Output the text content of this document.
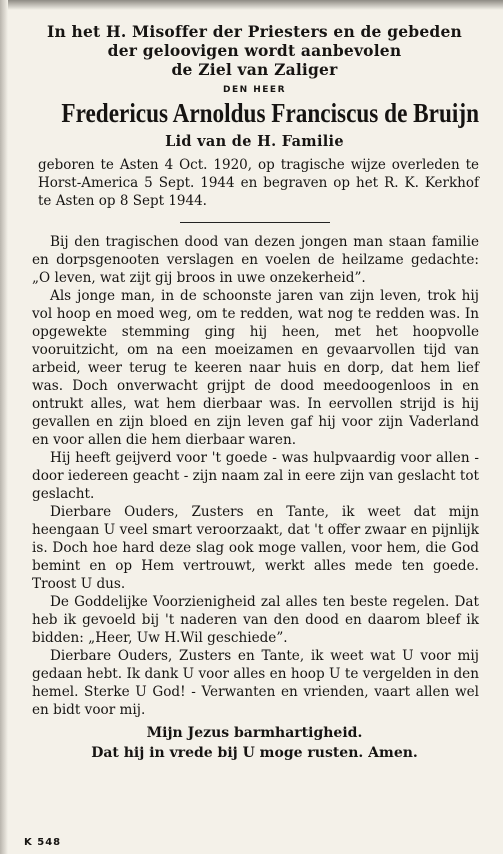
In het H. Misoffer der Priesters en de gebeden
der geloovigen wordt aanbevolen
de Ziel van Zaliger
DEN HEER
Fredericus Arnoldus Franciscus de Bruijn
Lid van de H. Familie
geboren te Asten 4 Oct. 1920, op tragische wijze overleden te Horst-America 5 Sept. 1944 en begraven op het R. K. Kerkhof te Asten op 8 Sept 1944.

Bij den tragischen dood van dezen jongen man staan familie en dorpsgenooten verslagen en voelen de heilzame gedachte: „O leven, wat zijt gij broos in uwe onzekerheid”.

Als jonge man, in de schoonste jaren van zijn leven, trok hij vol hoop en moed weg, om te redden, wat nog te redden was. In opgewekte stemming ging hij heen, met het hoopvolle vooruitzicht, om na een moeizamen en gevaarvollen tijd van arbeid, weer terug te keeren naar huis en dorp, dat hem lief was. Doch onverwacht grijpt de dood meedoogenloos in en ontrukt alles, wat hem dierbaar was. In eervollen strijd is hij gevallen en zijn bloed en zijn leven gaf hij voor zijn Vaderland en voor allen die hem dierbaar waren.

Hij heeft geijverd voor 't goede - was hulpvaardig voor allen - door iedereen geacht - zijn naam zal in eere zijn van geslacht tot geslacht.

Dierbare Ouders, Zusters en Tante, ik weet dat mijn heengaan U veel smart veroorzaakt, dat 't offer zwaar en pijnlijk is. Doch hoe hard deze slag ook moge vallen, voor hem, die God bemint en op Hem vertrouwt, werkt alles mede ten goede. Troost U dus.

De Goddelijke Voorzienigheid zal alles ten beste regelen. Dat heb ik gevoeld bij 't naderen van den dood en daarom bleef ik bidden: „Heer, Uw H.Wil geschiede”.

Dierbare Ouders, Zusters en Tante, ik weet wat U voor mij gedaan hebt. Ik dank U voor alles en hoop U te vergelden in den hemel. Sterke U God! - Verwanten en vrienden, vaart allen wel en bidt voor mij.

Mijn Jezus barmhartigheid.
Dat hij in vrede bij U moge rusten. Amen.
K 548
